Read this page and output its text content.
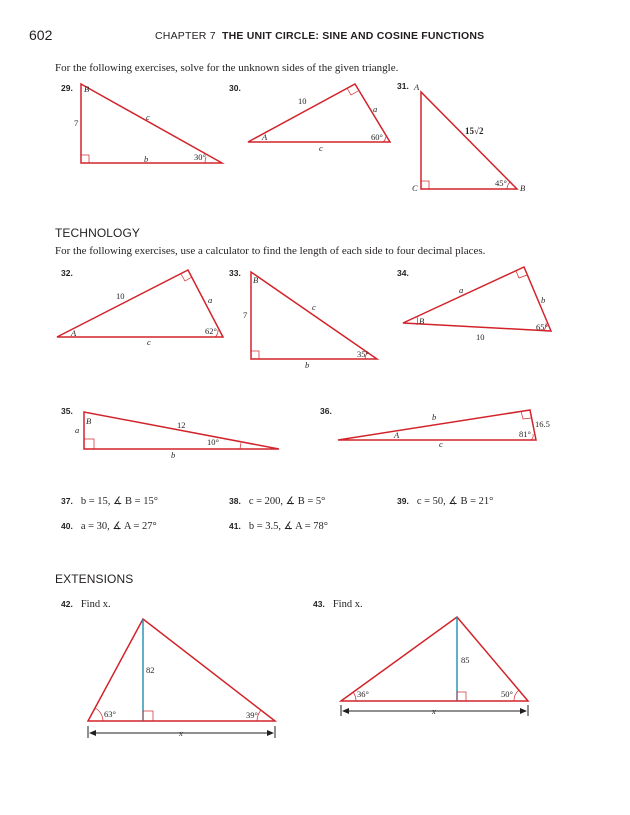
602	CHAPTER 7 THE UNIT CIRCLE: SINE AND COSINE FUNCTIONS
For the following exercises, solve for the unknown sides of the given triangle.
29.	30.	31.
TECHNOLOGY
For the following exercises, use a calculator to find the length of each side to four decimal places.
32.	33.	34.
35.	36.
37. b = 15, ∡ B = 15°	38. c = 200, ∡ B = 5°	39. c = 50, ∡ B = 21°
40. a = 30, ∡ A = 27°	41. b = 3.5, ∡ A = 78°
EXTENSIONS
42. Find x.	43. Find x.
B
7
c
b	30°
10
a
A	60°
c
A
15√2
C	45° B
10	a
A	62°
c
B
c
7
35°
b
a
b
B
65°
10
B	12
a
10°
b
b
16.5
A	81°
c
82
63°	39°
x
85
36°	50°
x
